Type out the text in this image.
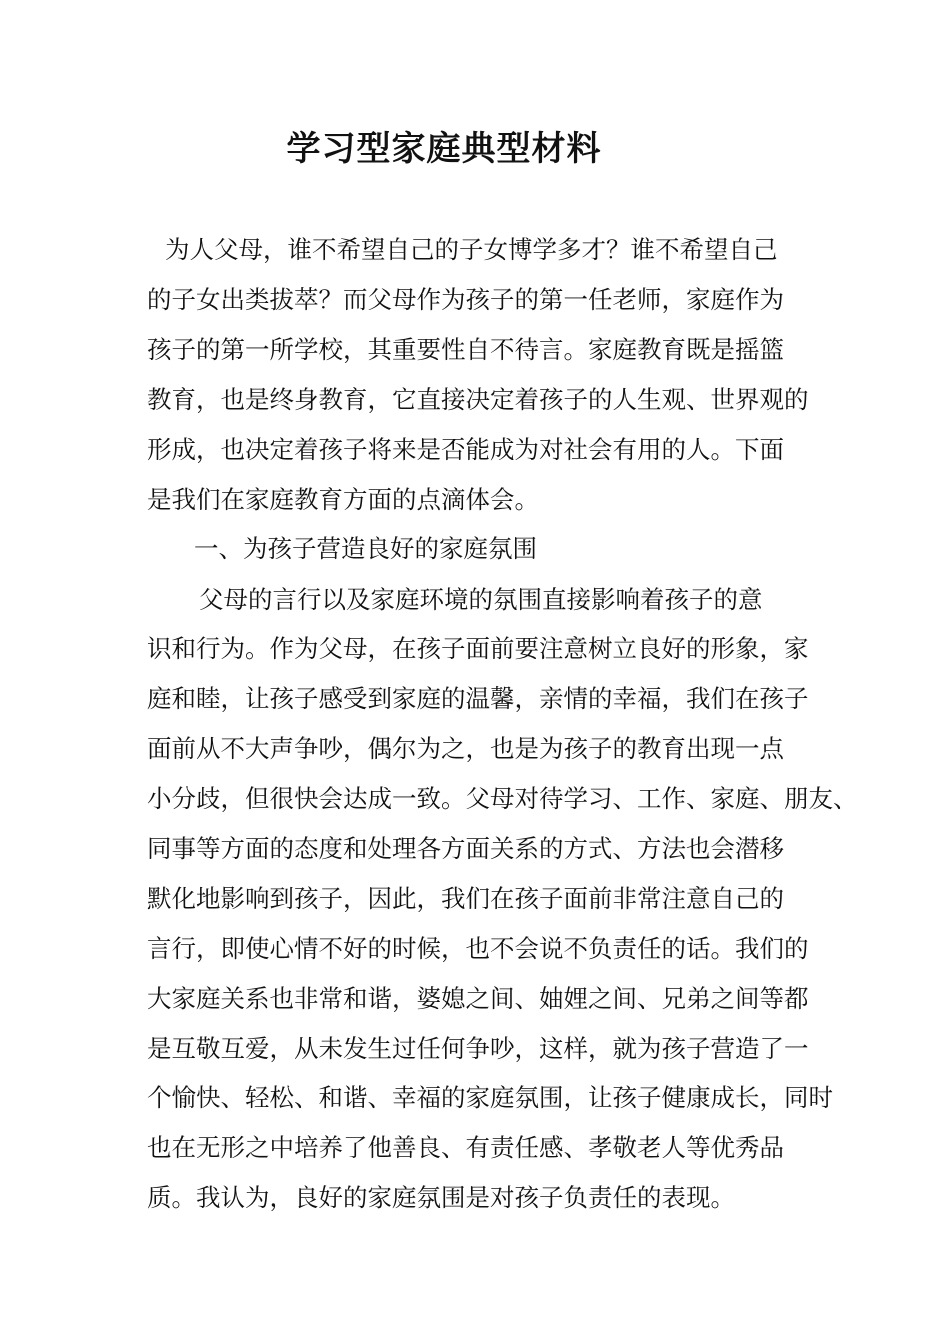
学习型家庭典型材料
为人父母，谁不希望自己的子女博学多才？谁不希望自己
的子女出类拔萃？而父母作为孩子的第一任老师，家庭作为
孩子的第一所学校，其重要性自不待言。家庭教育既是摇篮
教育，也是终身教育，它直接决定着孩子的人生观、世界观的
形成，也决定着孩子将来是否能成为对社会有用的人。下面
是我们在家庭教育方面的点滴体会。
一、为孩子营造良好的家庭氛围
父母的言行以及家庭环境的氛围直接影响着孩子的意
识和行为。作为父母，在孩子面前要注意树立良好的形象，家
庭和睦，让孩子感受到家庭的温馨，亲情的幸福，我们在孩子
面前从不大声争吵，偶尔为之，也是为孩子的教育出现一点
小分歧，但很快会达成一致。父母对待学习、工作、家庭、朋友、
同事等方面的态度和处理各方面关系的方式、方法也会潜移
默化地影响到孩子，因此，我们在孩子面前非常注意自己的
言行，即使心情不好的时候，也不会说不负责任的话。我们的
大家庭关系也非常和谐，婆媳之间、妯娌之间、兄弟之间等都
是互敬互爱，从未发生过任何争吵，这样，就为孩子营造了一
个愉快、轻松、和谐、幸福的家庭氛围，让孩子健康成长，同时
也在无形之中培养了他善良、有责任感、孝敬老人等优秀品
质。我认为，良好的家庭氛围是对孩子负责任的表现。
